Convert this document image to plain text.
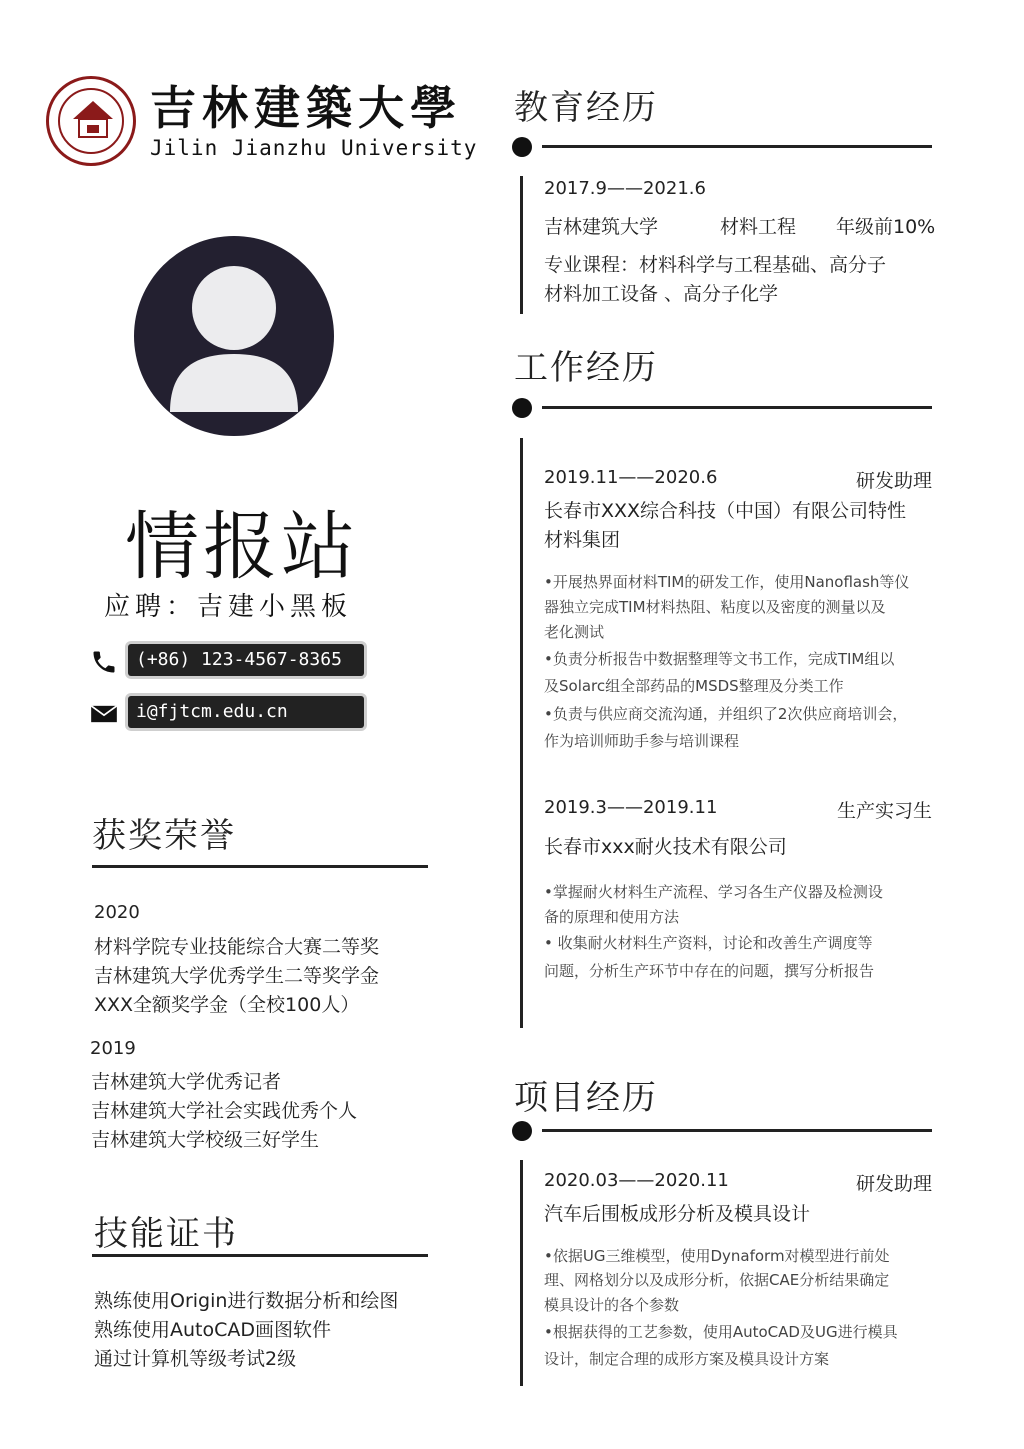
吉林建築大學
Jilin Jianzhu University
情报站
应聘：吉建小黑板
(+86) 123-4567-8365
i@fjtcm.edu.cn
获奖荣誉
2020
材料学院专业技能综合大赛二等奖
吉林建筑大学优秀学生二等奖学金
XXX全额奖学金（全校100人）
2019
吉林建筑大学优秀记者
吉林建筑大学社会实践优秀个人
吉林建筑大学校级三好学生
技能证书
熟练使用Origin进行数据分析和绘图
熟练使用AutoCAD画图软件
通过计算机等级考试2级
教育经历
2017.9——2021.6
吉林建筑大学	材料工程 年级前10%
专业课程：材料科学与工程基础、高分子
材料加工设备 、高分子化学
工作经历
2019.11——2020.6	研发助理
长春市XXX综合科技（中国）有限公司特性
材料集团
•开展热界面材料TIM的研发工作，使用Nanoflash等仪
器独立完成TIM材料热阻、粘度以及密度的测量以及
老化测试
•负责分析报告中数据整理等文书工作，完成TIM组以
及Solarc组全部药品的MSDS整理及分类工作
•负责与供应商交流沟通，并组织了2次供应商培训会，
作为培训师助手参与培训课程
2019.3——2019.11	生产实习生
长春市xxx耐火技术有限公司
•掌握耐火材料生产流程、学习各生产仪器及检测设
备的原理和使用方法
• 收集耐火材料生产资料，讨论和改善生产调度等
问题，分析生产环节中存在的问题，撰写分析报告
项目经历
2020.03——2020.11	研发助理
汽车后围板成形分析及模具设计
•依据UG三维模型，使用Dynaform对模型进行前处
理、网格划分以及成形分析，依据CAE分析结果确定
模具设计的各个参数
•根据获得的工艺参数，使用AutoCAD及UG进行模具
设计，制定合理的成形方案及模具设计方案
